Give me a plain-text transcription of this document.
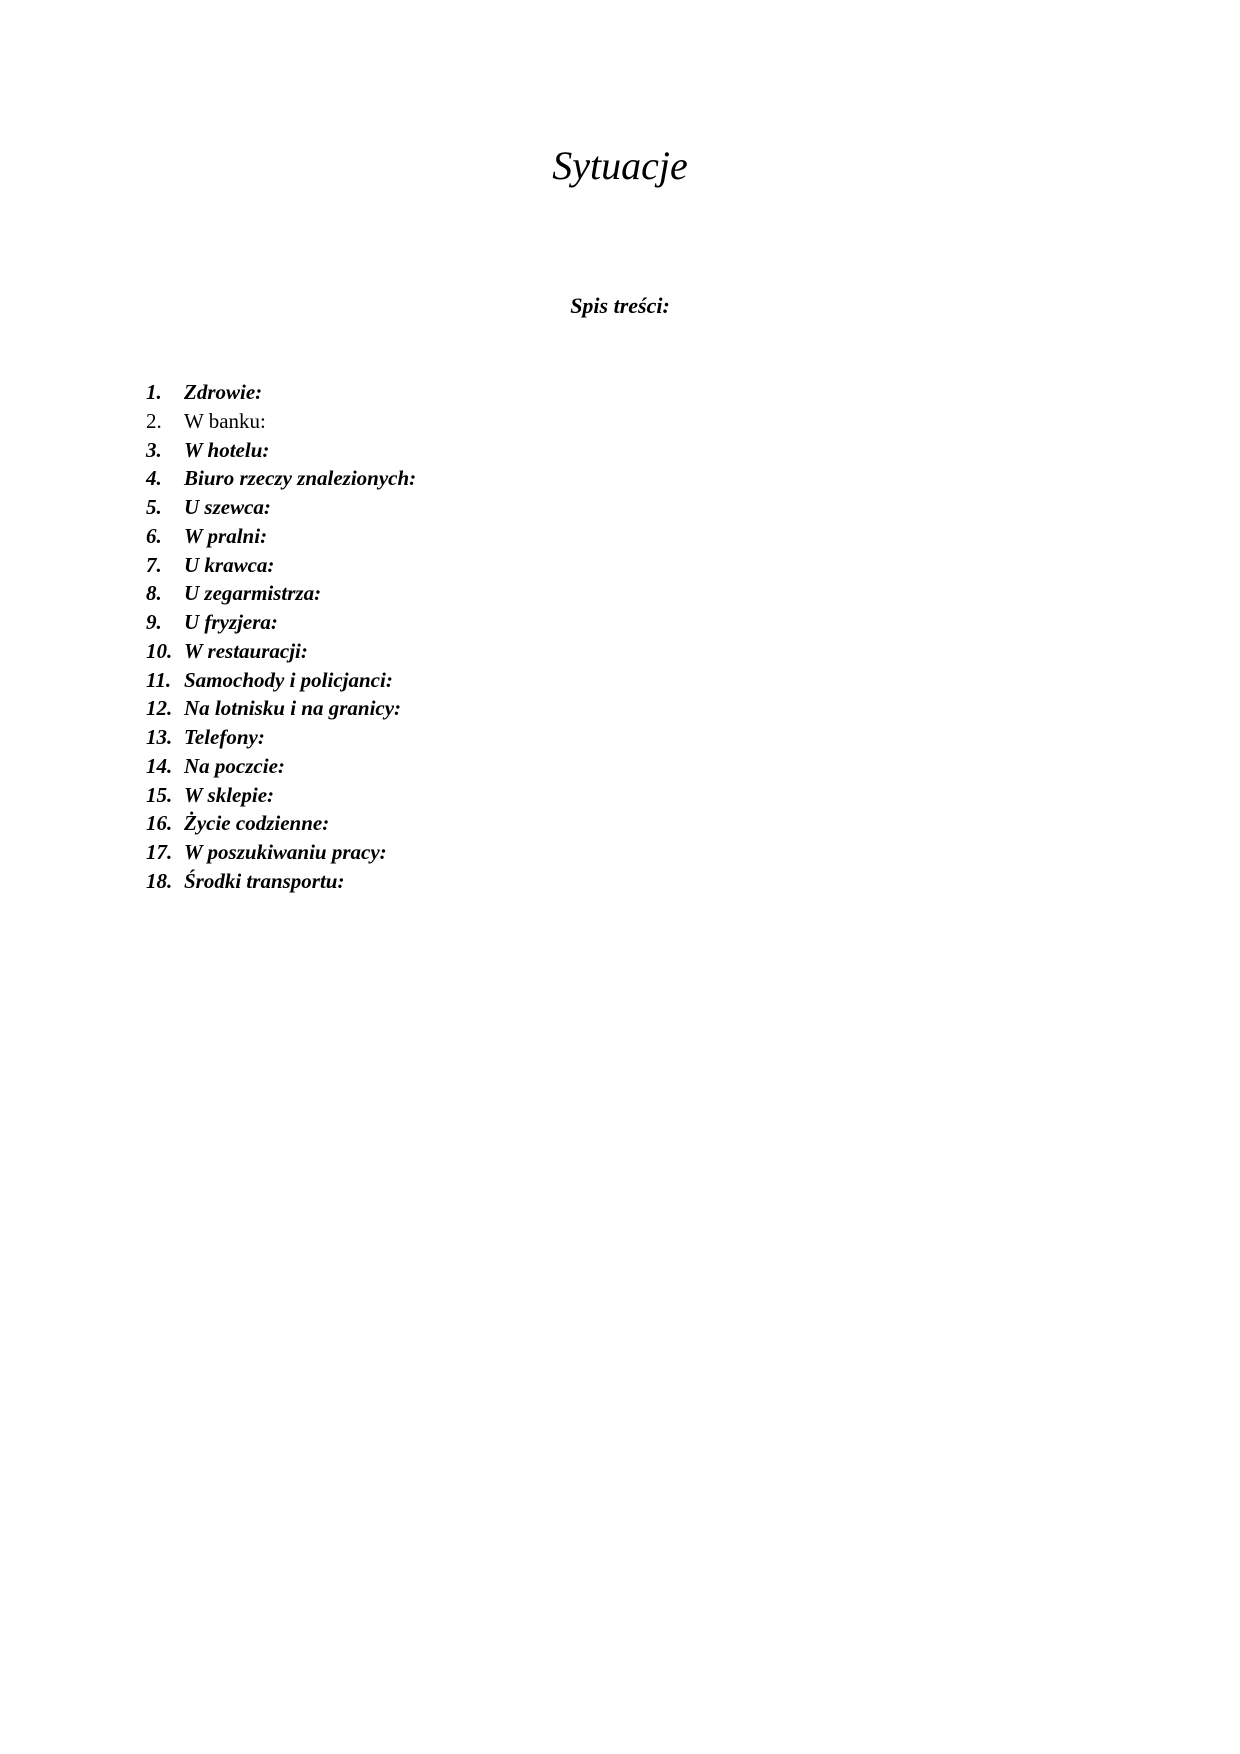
Sytuacje

Spis treści:

1. Zdrowie:
2. W banku:
3. W hotelu:
4. Biuro rzeczy znalezionych:
5. U szewca:
6. W pralni:
7. U krawca:
8. U zegarmistrza:
9. U fryzjera:
10. W restauracji:
11. Samochody i policjanci:
12. Na lotnisku i na granicy:
13. Telefony:
14. Na poczcie:
15. W sklepie:
16. Życie codzienne:
17. W poszukiwaniu pracy:
18. Środki transportu:
